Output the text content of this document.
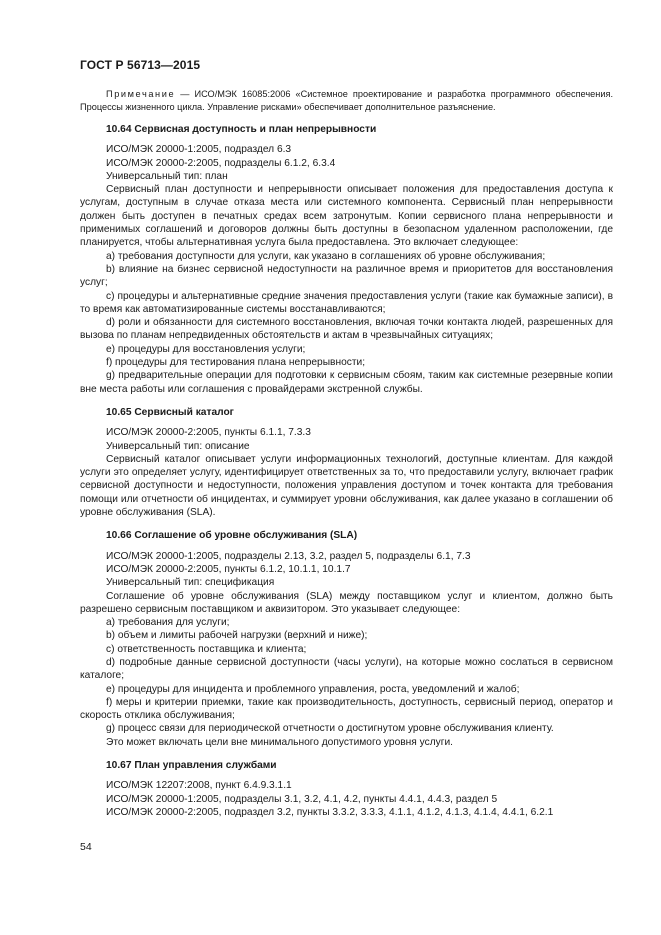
ГОСТ Р 56713—2015

Примечание — ИСО/МЭК 16085:2006 «Системное проектирование и разработка программного обеспечения. Процессы жизненного цикла. Управление рисками» обеспечивает дополнительное разъяснение.

10.64 Сервисная доступность и план непрерывности

ИСО/МЭК 20000-1:2005, подраздел 6.3

ИСО/МЭК 20000-2:2005, подразделы 6.1.2, 6.3.4

Универсальный тип: план

Сервисный план доступности и непрерывности описывает положения для предоставления доступа к услугам, доступным в случае отказа места или системного компонента. Сервисный план непрерывности должен быть доступен в печатных средах всем затронутым. Копии сервисного плана непрерывности и применимых соглашений и договоров должны быть доступны в безопасном удаленном расположении, где планируется, чтобы альтернативная услуга была предоставлена. Это включает следующее:

a) требования доступности для услуги, как указано в соглашениях об уровне обслуживания;

b) влияние на бизнес сервисной недоступности на различное время и приоритетов для восстановления услуг;

c) процедуры и альтернативные средние значения предоставления услуги (такие как бумажные записи), в то время как автоматизированные системы восстанавливаются;

d) роли и обязанности для системного восстановления, включая точки контакта людей, разрешенных для вызова по планам непредвиденных обстоятельств и актам в чрезвычайных ситуациях;

e) процедуры для восстановления услуги;

f) процедуры для тестирования плана непрерывности;

g) предварительные операции для подготовки к сервисным сбоям, таким как системные резервные копии вне места работы или соглашения с провайдерами экстренной службы.

10.65 Сервисный каталог

ИСО/МЭК 20000-2:2005, пункты 6.1.1, 7.3.3

Универсальный тип: описание

Сервисный каталог описывает услуги информационных технологий, доступные клиентам. Для каждой услуги это определяет услугу, идентифицирует ответственных за то, что предоставили услугу, включает график сервисной доступности и недоступности, положения управления доступом и точек контакта для требования помощи или отчетности об инцидентах, и суммирует уровни обслуживания, как далее указано в соглашении об уровне обслуживания (SLA).

10.66 Соглашение об уровне обслуживания (SLA)

ИСО/МЭК 20000-1:2005, подразделы 2.13, 3.2, раздел 5, подразделы 6.1, 7.3

ИСО/МЭК 20000-2:2005, пункты 6.1.2, 10.1.1, 10.1.7

Универсальный тип: спецификация

Соглашение об уровне обслуживания (SLA) между поставщиком услуг и клиентом, должно быть разрешено сервисным поставщиком и аквизитором. Это указывает следующее:

a) требования для услуги;

b) объем и лимиты рабочей нагрузки (верхний и ниже);

c) ответственность поставщика и клиента;

d) подробные данные сервисной доступности (часы услуги), на которые можно сослаться в сервисном каталоге;

e) процедуры для инцидента и проблемного управления, роста, уведомлений и жалоб;

f) меры и критерии приемки, такие как производительность, доступность, сервисный период, оператор и скорость отклика обслуживания;

g) процесс связи для периодической отчетности о достигнутом уровне обслуживания клиенту.

Это может включать цели вне минимального допустимого уровня услуги.

10.67 План управления службами

ИСО/МЭК 12207:2008, пункт 6.4.9.3.1.1

ИСО/МЭК 20000-1:2005, подразделы 3.1, 3.2, 4.1, 4.2, пункты 4.4.1, 4.4.3, раздел 5

ИСО/МЭК 20000-2:2005, подраздел 3.2, пункты 3.3.2, 3.3.3, 4.1.1, 4.1.2, 4.1.3, 4.1.4, 4.4.1, 6.2.1

54
